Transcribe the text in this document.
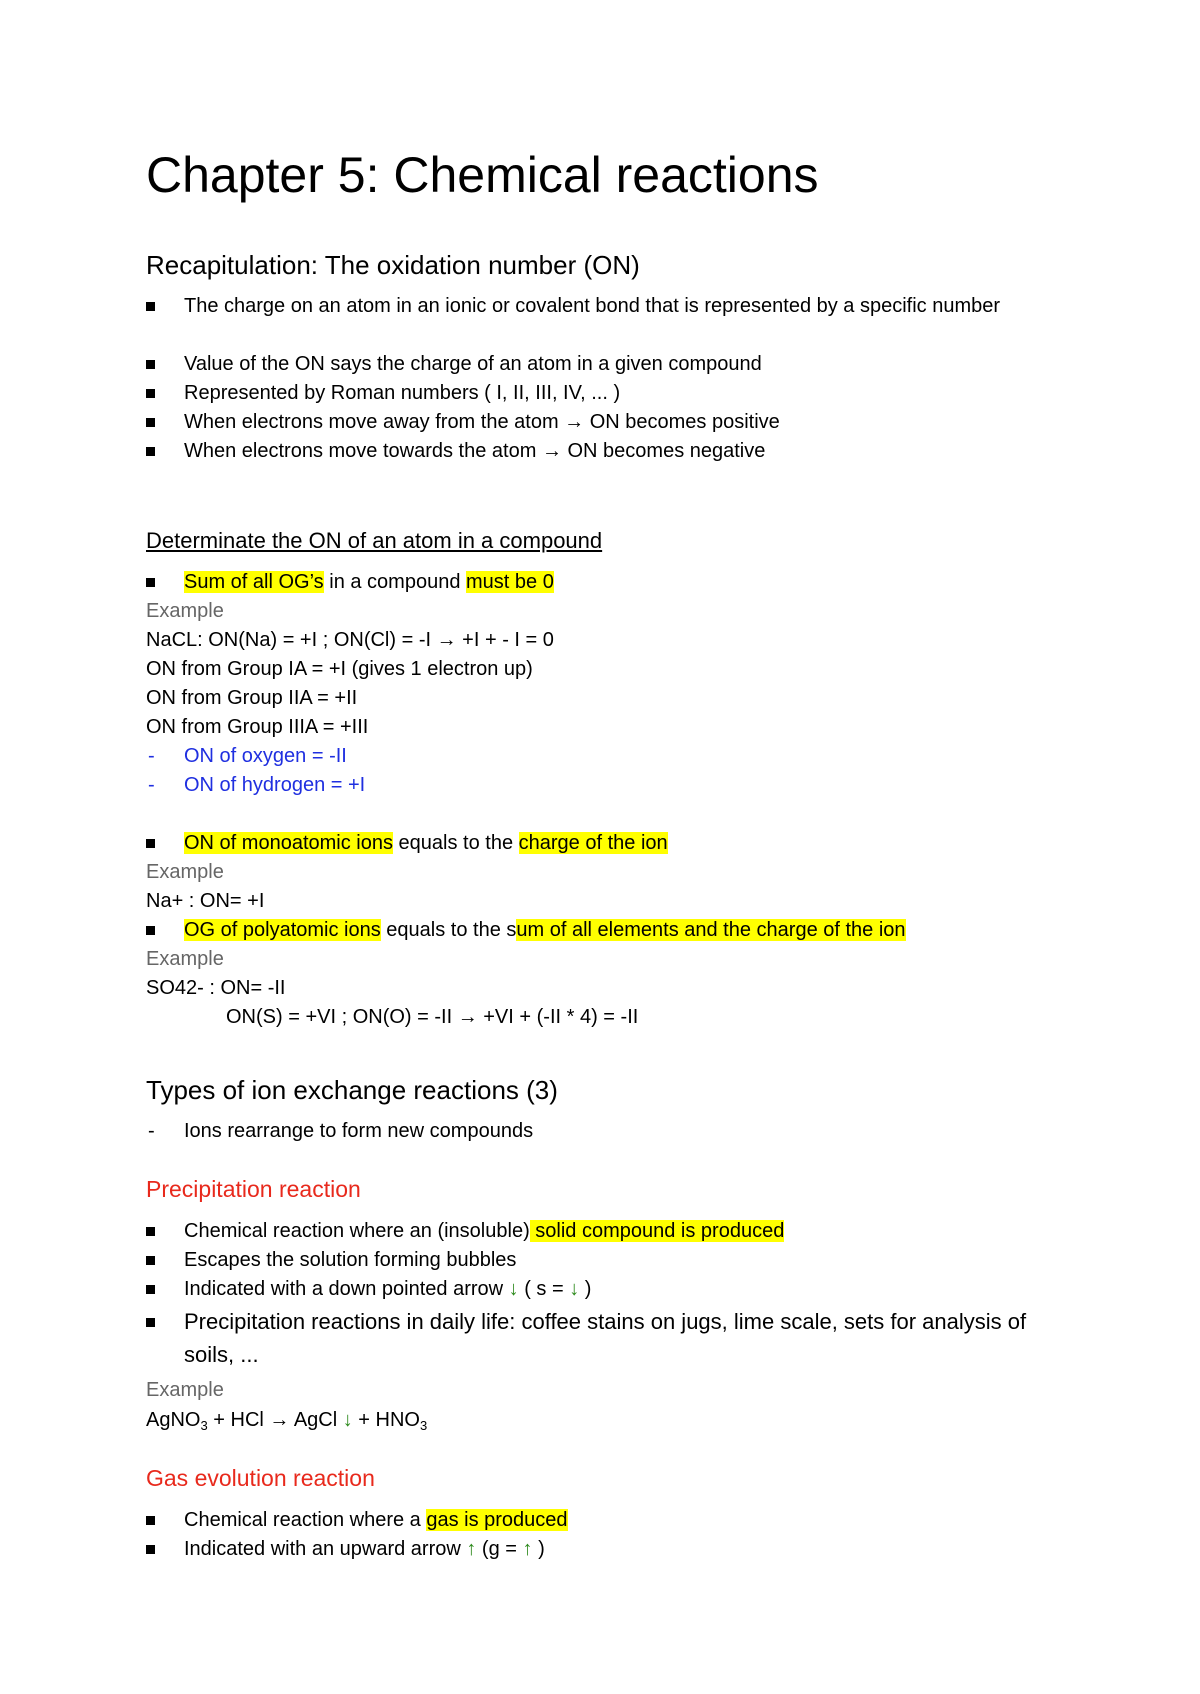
Chapter 5: Chemical reactions
Recapitulation: The oxidation number (ON)
The charge on an atom in an ionic or covalent bond that is represented by a specific number
Value of the ON says the charge of an atom in a given compound
Represented by Roman numbers ( I, II, III, IV, ... )
When electrons move away from the atom → ON becomes positive
When electrons move towards the atom → ON becomes negative
Determinate the ON of an atom in a compound
Sum of all OG’s in a compound must be 0
Example
NaCL: ON(Na) = +I ; ON(Cl) = -I → +I + - I = 0
ON from Group IA = +I (gives 1 electron up)
ON from Group IIA = +II
ON from Group IIIA = +III
- ON of oxygen = -II
- ON of hydrogen = +I
ON of monoatomic ions equals to the charge of the ion
Example
Na+ : ON= +I
OG of polyatomic ions equals to the sum of all elements and the charge of the ion
Example
SO42- : ON= -II
ON(S) = +VI ; ON(O) = -II → +VI + (-II * 4) = -II
Types of ion exchange reactions (3)
- Ions rearrange to form new compounds
Precipitation reaction
Chemical reaction where an (insoluble) solid compound is produced
Escapes the solution forming bubbles
Indicated with a down pointed arrow ↓ ( s = ↓ )
Precipitation reactions in daily life: coffee stains on jugs, lime scale, sets for analysis of soils, ...
Example
AgNO$_3$ + HCl → AgCl ↓ + $HNO_3$
Gas evolution reaction
Chemical reaction where a gas is produced
Indicated with an upward arrow ↑ (g = ↑ )
